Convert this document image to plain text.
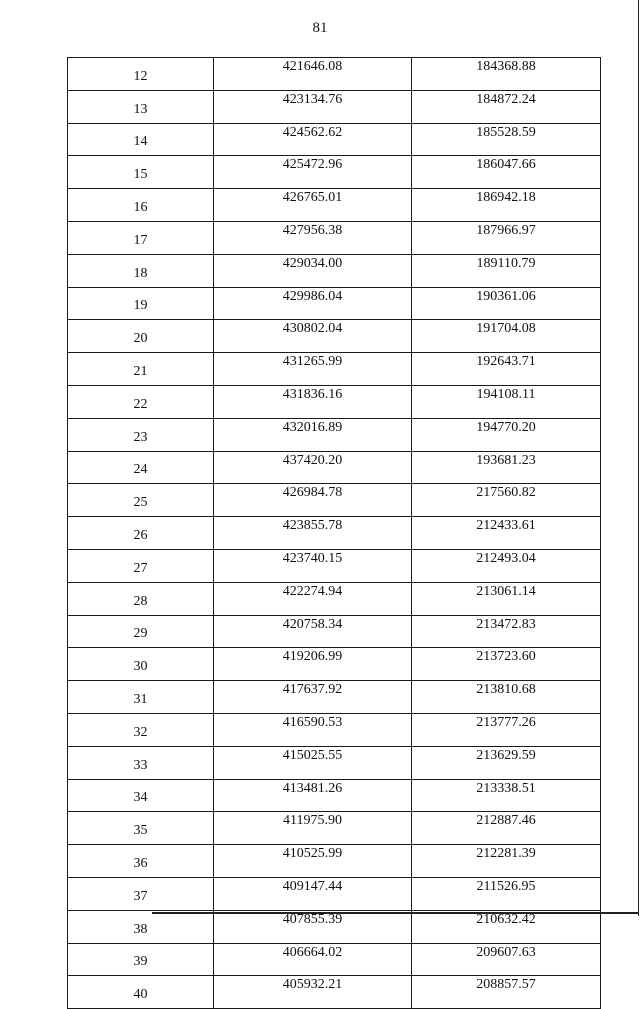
81
12	421646.08	184368.88
13	423134.76	184872.24
14	424562.62	185528.59
15	425472.96	186047.66
16	426765.01	186942.18
17	427956.38	187966.97
18	429034.00	189110.79
19	429986.04	190361.06
20	430802.04	191704.08
21	431265.99	192643.71
22	431836.16	194108.11
23	432016.89	194770.20
24	437420.20	193681.23
25	426984.78	217560.82
26	423855.78	212433.61
27	423740.15	212493.04
28	422274.94	213061.14
29	420758.34	213472.83
30	419206.99	213723.60
31	417637.92	213810.68
32	416590.53	213777.26
33	415025.55	213629.59
34	413481.26	213338.51
35	411975.90	212887.46
36	410525.99	212281.39
37	409147.44	211526.95
38	407855.39	210632.42
39	406664.02	209607.63
40	405932.21	208857.57
